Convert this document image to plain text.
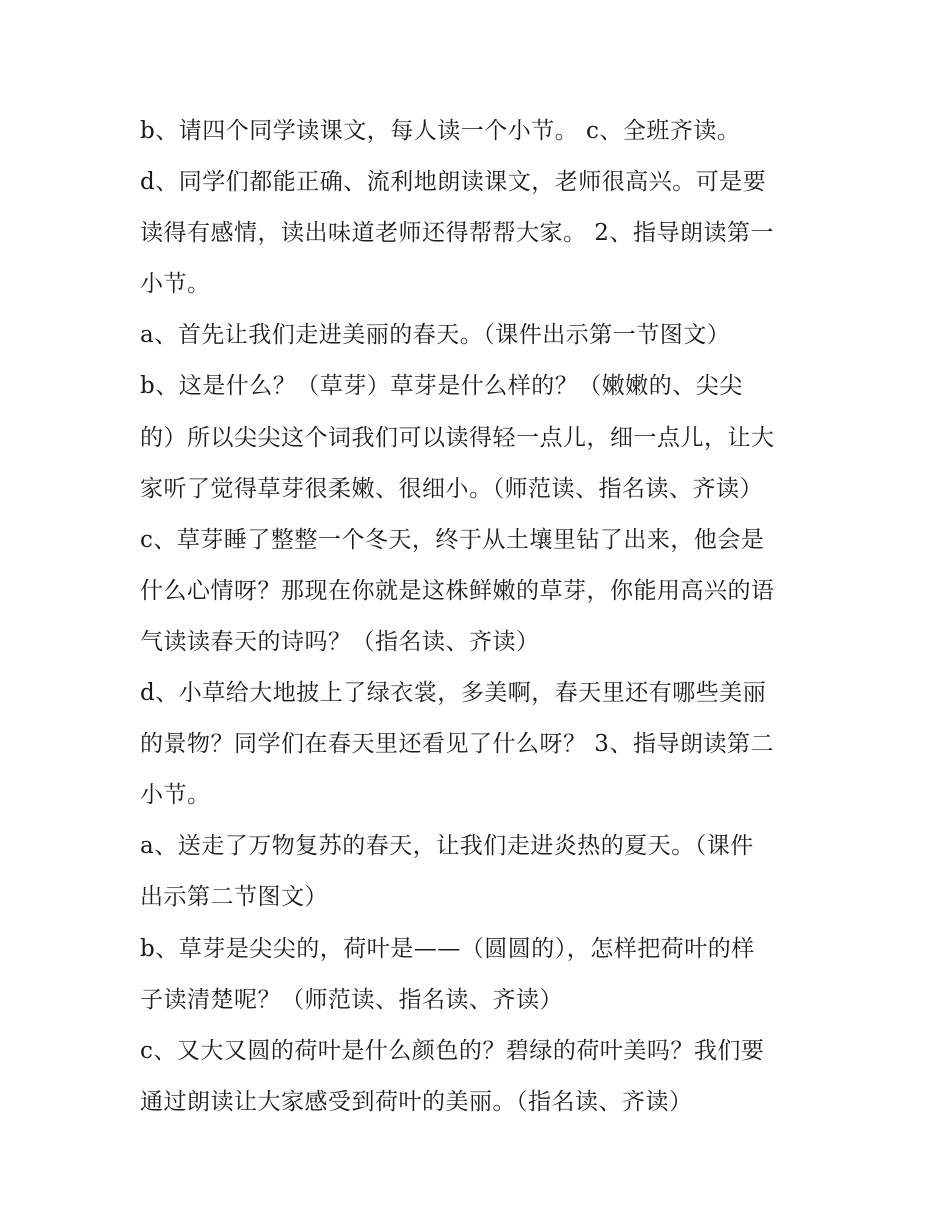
b、请四个同学读课文，每人读一个小节。 c、全班齐读。
d、同学们都能正确、流利地朗读课文，老师很高兴。可是要
读得有感情，读出味道老师还得帮帮大家。 2、指导朗读第一
小节。
a、首先让我们走进美丽的春天。（课件出示第一节图文）
b、这是什么？（草芽）草芽是什么样的？（嫩嫩的、尖尖
的）所以尖尖这个词我们可以读得轻一点儿，细一点儿，让大
家听了觉得草芽很柔嫩、很细小。（师范读、指名读、齐读）
c、草芽睡了整整一个冬天，终于从土壤里钻了出来，他会是
什么心情呀？那现在你就是这株鲜嫩的草芽，你能用高兴的语
气读读春天的诗吗？（指名读、齐读）
d、小草给大地披上了绿衣裳，多美啊，春天里还有哪些美丽
的景物？同学们在春天里还看见了什么呀？ 3、指导朗读第二
小节。
a、送走了万物复苏的春天，让我们走进炎热的夏天。（课件
出示第二节图文）
b、草芽是尖尖的，荷叶是——（圆圆的），怎样把荷叶的样
子读清楚呢？（师范读、指名读、齐读）
c、又大又圆的荷叶是什么颜色的？碧绿的荷叶美吗？我们要
通过朗读让大家感受到荷叶的美丽。（指名读、齐读）
